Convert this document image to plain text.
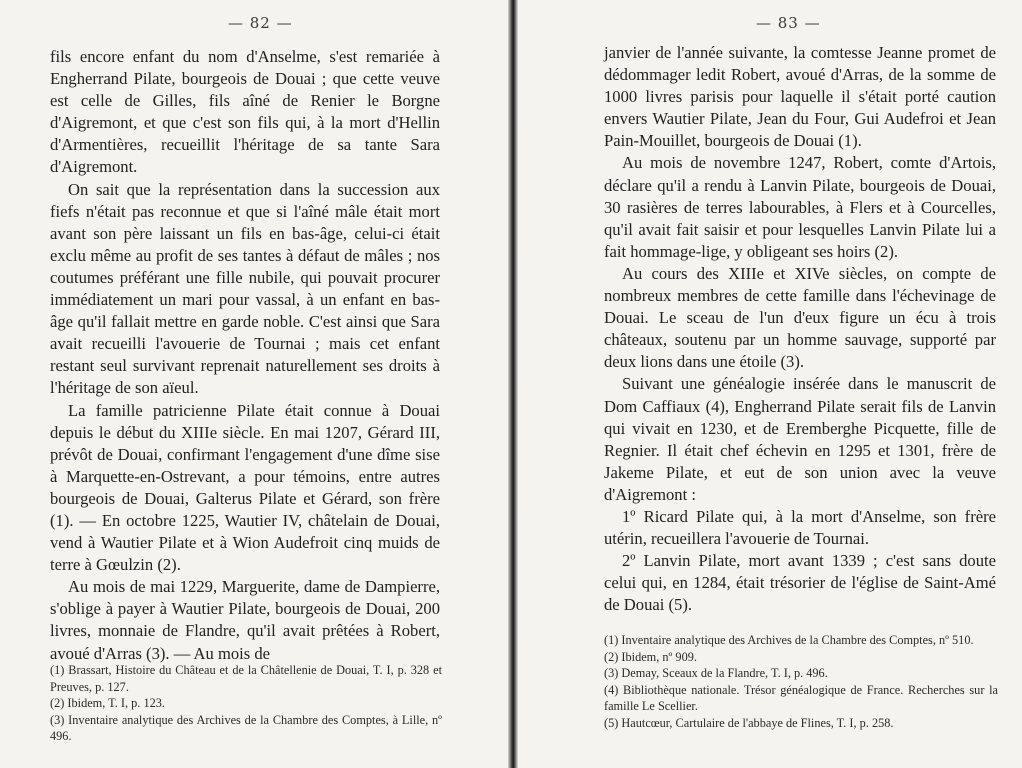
— 82 —

fils encore enfant du nom d'Anselme, s'est remariée à Engherrand Pilate, bourgeois de Douai ; que cette veuve est celle de Gilles, fils aîné de Renier le Borgne d'Aigremont, et que c'est son fils qui, à la mort d'Hellin d'Armentières, recueillit l'héritage de sa tante Sara d'Aigremont.

On sait que la représentation dans la succession aux fiefs n'était pas reconnue et que si l'aîné mâle était mort avant son père laissant un fils en bas-âge, celui-ci était exclu même au profit de ses tantes à défaut de mâles ; nos coutumes préférant une fille nubile, qui pouvait procurer immédiatement un mari pour vassal, à un enfant en bas-âge qu'il fallait mettre en garde noble. C'est ainsi que Sara avait recueilli l'avouerie de Tournai ; mais cet enfant restant seul survivant reprenait naturellement ses droits à l'héritage de son aïeul.

La famille patricienne Pilate était connue à Douai depuis le début du XIIIe siècle. En mai 1207, Gérard III, prévôt de Douai, confirmant l'engagement d'une dîme sise à Marquette-en-Ostrevant, a pour témoins, entre autres bourgeois de Douai, Galterus Pilate et Gérard, son frère (1). — En octobre 1225, Wautier IV, châtelain de Douai, vend à Wautier Pilate et à Wion Audefroit cinq muids de terre à Gœulzin (2).

Au mois de mai 1229, Marguerite, dame de Dampierre, s'oblige à payer à Wautier Pilate, bourgeois de Douai, 200 livres, monnaie de Flandre, qu'il avait prêtées à Robert, avoué d'Arras (3). — Au mois de

(1) Brassart, Histoire du Château et de la Châtellenie de Douai, T. I, p. 328 et Preuves, p. 127.

(2) Ibidem, T. I, p. 123.

(3) Inventaire analytique des Archives de la Chambre des Comptes, à Lille, nº 496.

— 83 —

janvier de l'année suivante, la comtesse Jeanne promet de dédommager ledit Robert, avoué d'Arras, de la somme de 1000 livres parisis pour laquelle il s'était porté caution envers Wautier Pilate, Jean du Four, Gui Audefroi et Jean Pain-Mouillet, bourgeois de Douai (1).

Au mois de novembre 1247, Robert, comte d'Artois, déclare qu'il a rendu à Lanvin Pilate, bourgeois de Douai, 30 rasières de terres labourables, à Flers et à Courcelles, qu'il avait fait saisir et pour lesquelles Lanvin Pilate lui a fait hommage-lige, y obligeant ses hoirs (2).

Au cours des XIIIe et XIVe siècles, on compte de nombreux membres de cette famille dans l'échevinage de Douai. Le sceau de l'un d'eux figure un écu à trois châteaux, soutenu par un homme sauvage, supporté par deux lions dans une étoile (3).

Suivant une généalogie insérée dans le manuscrit de Dom Caffiaux (4), Engherrand Pilate serait fils de Lanvin qui vivait en 1230, et de Eremberghe Picquette, fille de Regnier. Il était chef échevin en 1295 et 1301, frère de Jakeme Pilate, et eut de son union avec la veuve d'Aigremont :

1º Ricard Pilate qui, à la mort d'Anselme, son frère utérin, recueillera l'avouerie de Tournai.

2º Lanvin Pilate, mort avant 1339 ; c'est sans doute celui qui, en 1284, était trésorier de l'église de Saint-Amé de Douai (5).

(1) Inventaire analytique des Archives de la Chambre des Comptes, nº 510.

(2) Ibidem, nº 909.

(3) Demay, Sceaux de la Flandre, T. I, p. 496.

(4) Bibliothèque nationale. Trésor généalogique de France. Recherches sur la famille Le Scellier.

(5) Hautcœur, Cartulaire de l'abbaye de Flines, T. I, p. 258.
